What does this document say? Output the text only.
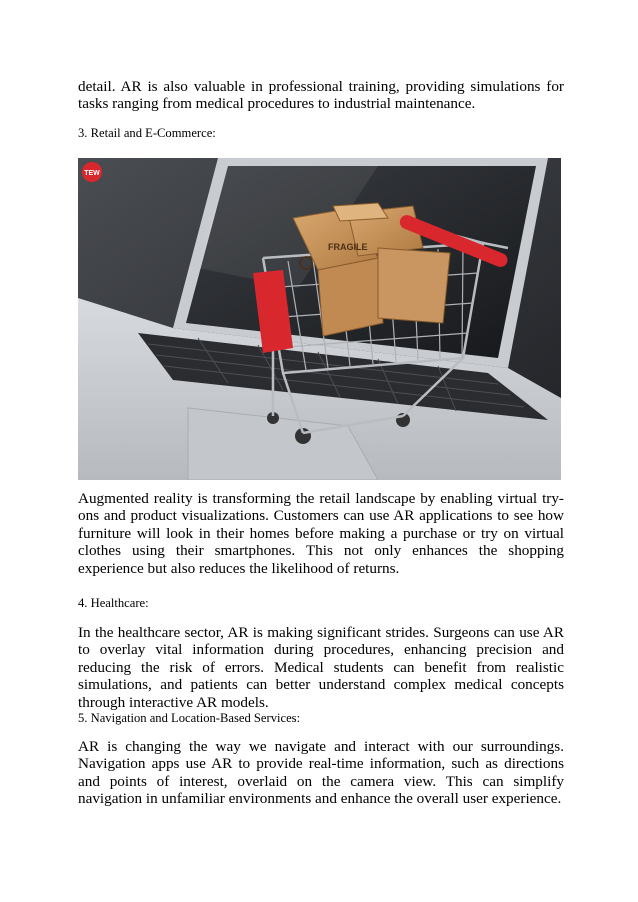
detail. AR is also valuable in professional training, providing simulations for tasks ranging from medical procedures to industrial maintenance.

3. Retail and E-Commerce:

FRAGILE
TEW

Augmented reality is transforming the retail landscape by enabling virtual try-ons and product visualizations. Customers can use AR applications to see how furniture will look in their homes before making a purchase or try on virtual clothes using their smartphones. This not only enhances the shopping experience but also reduces the likelihood of returns.

4. Healthcare:

In the healthcare sector, AR is making significant strides. Surgeons can use AR to overlay vital information during procedures, enhancing precision and reducing the risk of errors. Medical students can benefit from realistic simulations, and patients can better understand complex medical concepts through interactive AR models.

5. Navigation and Location-Based Services:

AR is changing the way we navigate and interact with our surroundings. Navigation apps use AR to provide real-time information, such as directions and points of interest, overlaid on the camera view. This can simplify navigation in unfamiliar environments and enhance the overall user experience.
